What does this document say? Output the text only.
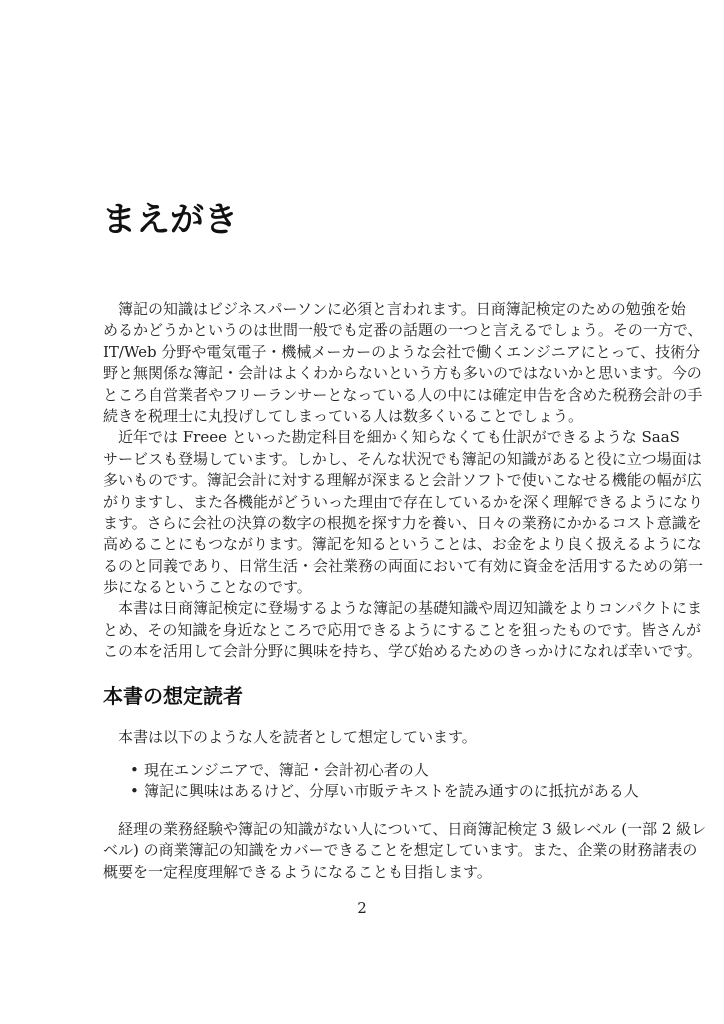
まえがき
簿記の知識はビジネスパーソンに必須と言われます。日商簿記検定のための勉強を始
めるかどうかというのは世間一般でも定番の話題の一つと言えるでしょう。その一方で、
IT/Web 分野や電気電子・機械メーカーのような会社で働くエンジニアにとって、技術分
野と無関係な簿記・会計はよくわからないという方も多いのではないかと思います。今の
ところ自営業者やフリーランサーとなっている人の中には確定申告を含めた税務会計の手
続きを税理士に丸投げしてしまっている人は数多くいることでしょう。
近年では Freee といった勘定科目を細かく知らなくても仕訳ができるような SaaS
サービスも登場しています。しかし、そんな状況でも簿記の知識があると役に立つ場面は
多いものです。簿記会計に対する理解が深まると会計ソフトで使いこなせる機能の幅が広
がりますし、また各機能がどういった理由で存在しているかを深く理解できるようになり
ます。さらに会社の決算の数字の根拠を探す力を養い、日々の業務にかかるコスト意識を
高めることにもつながります。簿記を知るということは、お金をより良く扱えるようにな
るのと同義であり、日常生活・会社業務の両面において有効に資金を活用するための第一
歩になるということなのです。
本書は日商簿記検定に登場するような簿記の基礎知識や周辺知識をよりコンパクトにま
とめ、その知識を身近なところで応用できるようにすることを狙ったものです。皆さんが
この本を活用して会計分野に興味を持ち、学び始めるためのきっかけになれば幸いです。
本書の想定読者
本書は以下のような人を読者として想定しています。
• 現在エンジニアで、簿記・会計初心者の人
• 簿記に興味はあるけど、分厚い市販テキストを読み通すのに抵抗がある人
経理の業務経験や簿記の知識がない人について、日商簿記検定 3 級レベル (一部 2 級レ
ベル) の商業簿記の知識をカバーできることを想定しています。また、企業の財務諸表の
概要を一定程度理解できるようになることも目指します。
2
